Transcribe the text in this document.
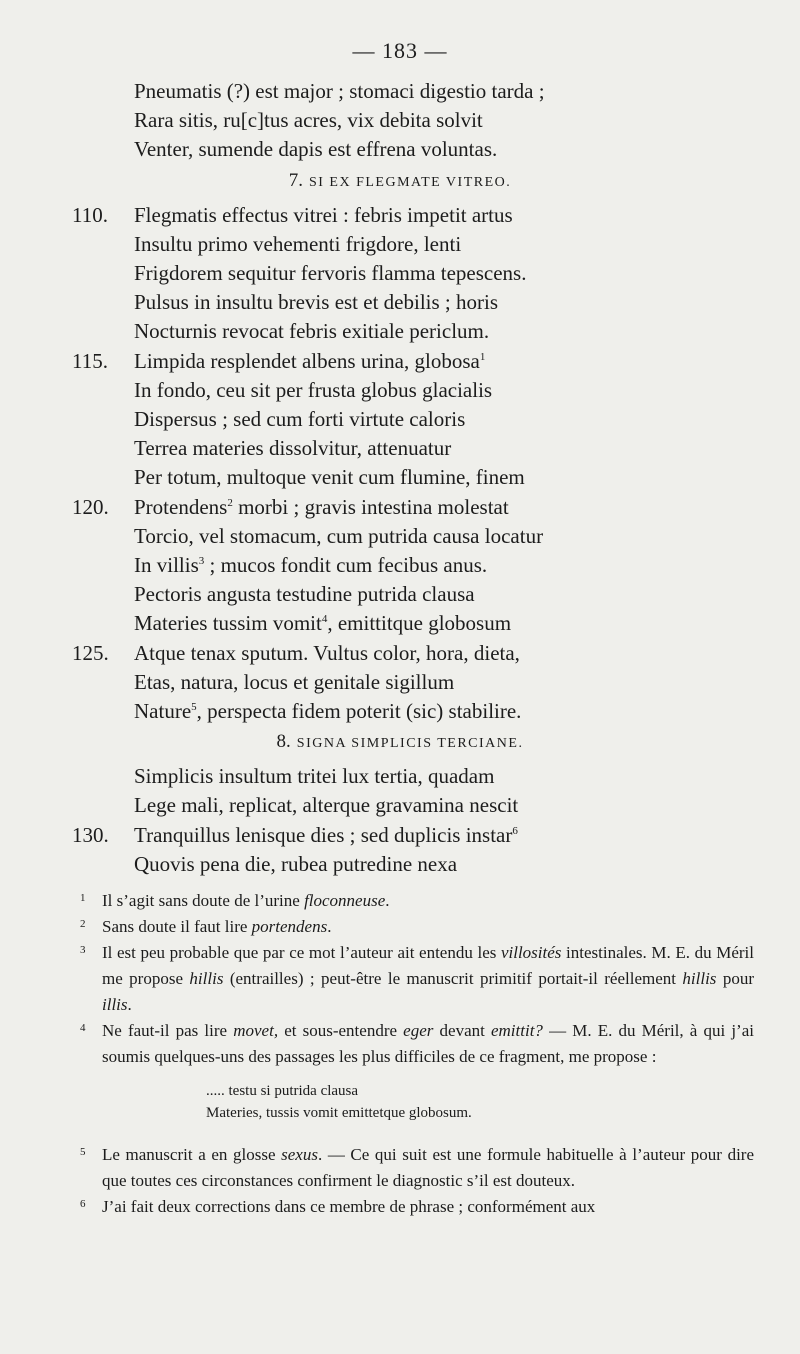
— 183 —
Pneumatis (?) est major ; stomaci digestio tarda ;
Rara sitis, ru[c]tus acres, vix debita solvit
Venter, sumende dapis est effrena voluntas.
7. SI EX FLEGMATE VITREO.
110.	Flegmatis effectus vitrei : febris impetit artus
Insultu primo vehementi frigdore, lenti
Frigdorem sequitur fervoris flamma tepescens.
Pulsus in insultu brevis est et debilis ; horis
Nocturnis revocat febris exitiale periclum.
115.	Limpida resplendet albens urina, globosa$^1$
In fondo, ceu sit per frusta globus glacialis
Dispersus ; sed cum forti virtute caloris
Terrea materies dissolvitur, attenuatur
Per totum, multoque venit cum flumine, finem
120.	Protendens$^2$ morbi ; gravis intestina molestat
Torcio, vel stomacum, cum putrida causa locatur
In villis$^3$ ; mucos fondit cum fecibus anus.
Pectoris angusta testudine putrida clausa
Materies tussim vomit$^4$, emittitque globosum
125.	Atque tenax sputum. Vultus color, hora, dieta,
Etas, natura, locus et genitale sigillum
Nature$^5$, perspecta fidem poterit (sic) stabilire.
8. SIGNA SIMPLICIS TERCIANE.
Simplicis insultum tritei lux tertia, quadam
Lege mali, replicat, alterque gravamina nescit
130.	Tranquillus lenisque dies ; sed duplicis instar$^6$
Quovis pena die, rubea putredine nexa
1 Il s’agit sans doute de l’urine floconneuse.

2 Sans doute il faut lire portendens.

3 Il est peu probable que par ce mot l’auteur ait entendu les villosités intestinales. M. E. du Méril me propose hillis (entrailles) ; peut-être le manuscrit primitif portait-il réellement hillis pour illis.

4 Ne faut-il pas lire movet, et sous-entendre eger devant emittit? — M. E. du Méril, à qui j’ai soumis quelques-uns des passages les plus difficiles de ce fragment, me propose :

..... testu si putrida clausa
Materies, tussis vomit emittetque globosum.
5 Le manuscrit a en glosse sexus. — Ce qui suit est une formule habituelle à l’auteur pour dire que toutes ces circonstances confirment le diagnostic s’il est douteux.

6 J’ai fait deux corrections dans ce membre de phrase ; conformément aux
